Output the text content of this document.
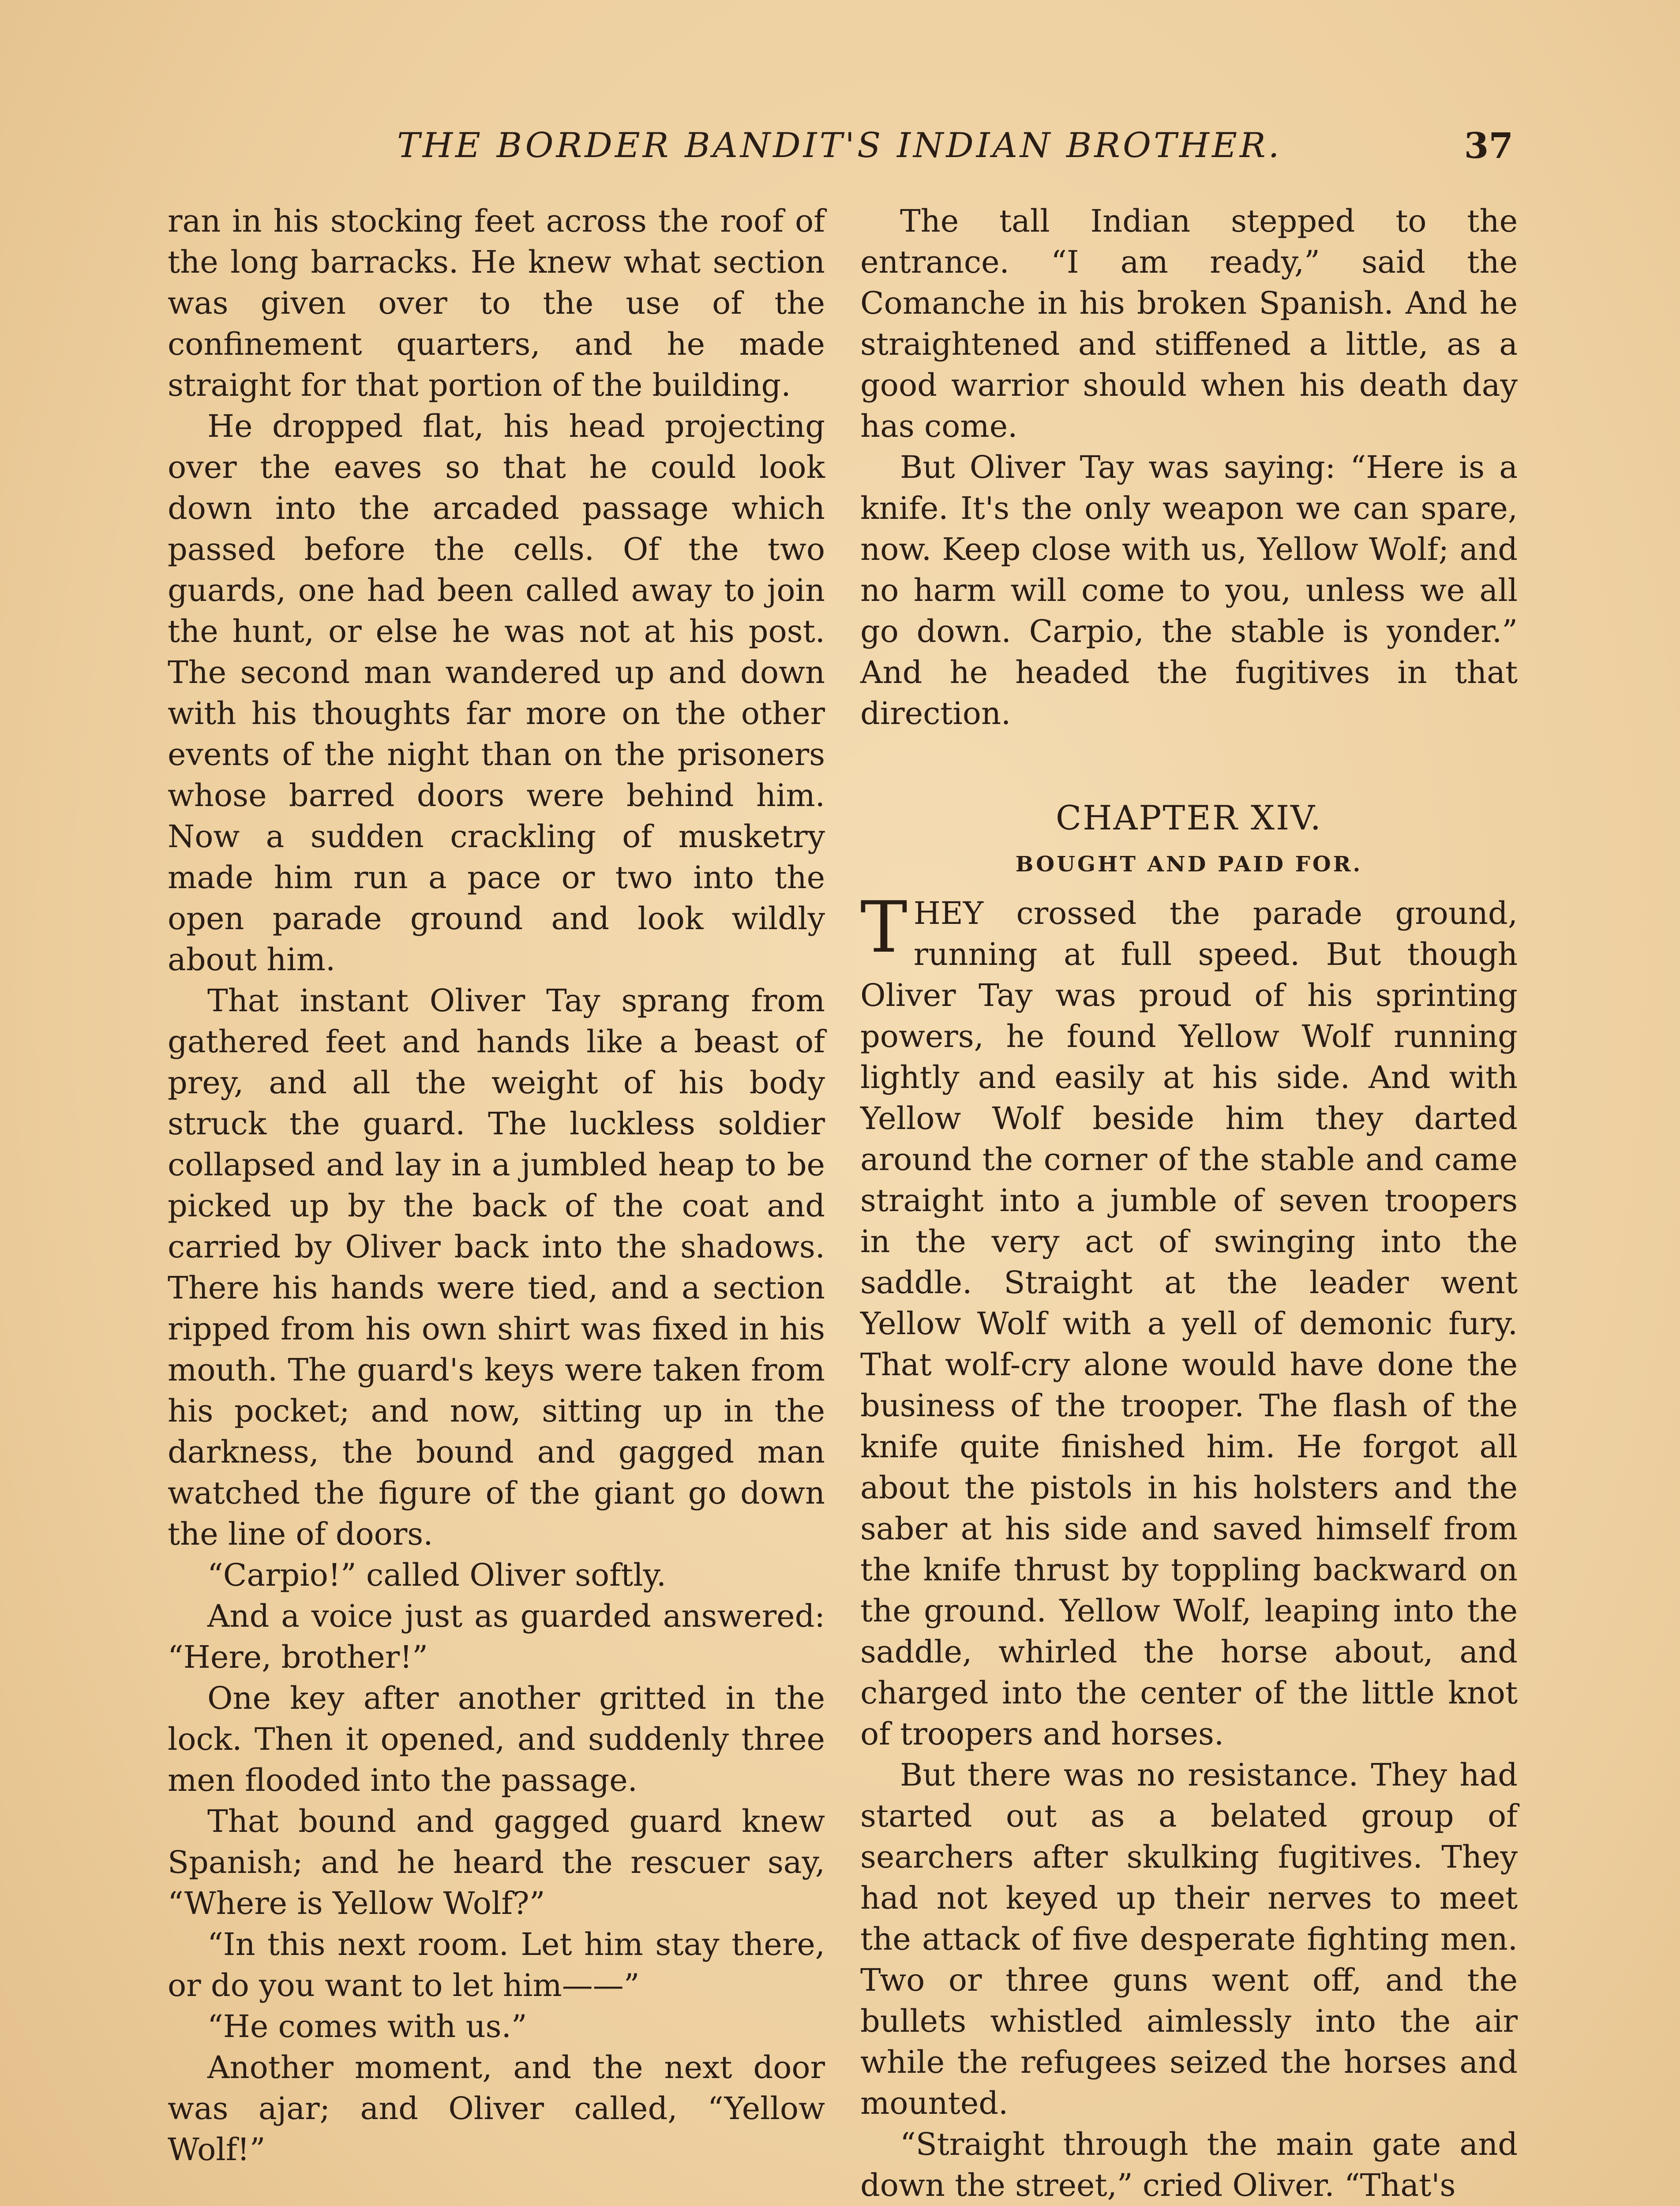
THE BORDER BANDIT'S INDIAN BROTHER.	37

ran in his stocking feet across the roof of the long barracks. He knew what section was given over to the use of the confinement quarters, and he made straight for that portion of the building.

He dropped flat, his head projecting over the eaves so that he could look down into the arcaded passage which passed before the cells. Of the two guards, one had been called away to join the hunt, or else he was not at his post. The second man wandered up and down with his thoughts far more on the other events of the night than on the prisoners whose barred doors were behind him. Now a sudden crackling of musketry made him run a pace or two into the open parade ground and look wildly about him.

That instant Oliver Tay sprang from gathered feet and hands like a beast of prey, and all the weight of his body struck the guard. The luckless soldier collapsed and lay in a jumbled heap to be picked up by the back of the coat and carried by Oliver back into the shadows. There his hands were tied, and a section ripped from his own shirt was fixed in his mouth. The guard's keys were taken from his pocket; and now, sitting up in the darkness, the bound and gagged man watched the figure of the giant go down the line of doors.

“Carpio!” called Oliver softly.

And a voice just as guarded answered: “Here, brother!”

One key after another gritted in the lock. Then it opened, and suddenly three men flooded into the passage.

That bound and gagged guard knew Spanish; and he heard the rescuer say, “Where is Yellow Wolf?”

“In this next room. Let him stay there, or do you want to let him——”

“He comes with us.”

Another moment, and the next door was ajar; and Oliver called, “Yellow Wolf!”

The tall Indian stepped to the entrance. “I am ready,” said the Comanche in his broken Spanish. And he straightened and stiffened a little, as a good warrior should when his death day has come.

But Oliver Tay was saying: “Here is a knife. It's the only weapon we can spare, now. Keep close with us, Yellow Wolf; and no harm will come to you, unless we all go down. Carpio, the stable is yonder.” And he headed the fugitives in that direction.

CHAPTER XIV.
BOUGHT AND PAID FOR.

THEY crossed the parade ground, running at full speed. But though Oliver Tay was proud of his sprinting powers, he found Yellow Wolf running lightly and easily at his side. And with Yellow Wolf beside him they darted around the corner of the stable and came straight into a jumble of seven troopers in the very act of swinging into the saddle. Straight at the leader went Yellow Wolf with a yell of demonic fury. That wolf-cry alone would have done the business of the trooper. The flash of the knife quite finished him. He forgot all about the pistols in his holsters and the saber at his side and saved himself from the knife thrust by toppling backward on the ground. Yellow Wolf, leaping into the saddle, whirled the horse about, and charged into the center of the little knot of troopers and horses.

But there was no resistance. They had started out as a belated group of searchers after skulking fugitives. They had not keyed up their nerves to meet the attack of five desperate fighting men. Two or three guns went off, and the bullets whistled aimlessly into the air while the refugees seized the horses and mounted.

“Straight through the main gate and down the street,” cried Oliver. “That's
